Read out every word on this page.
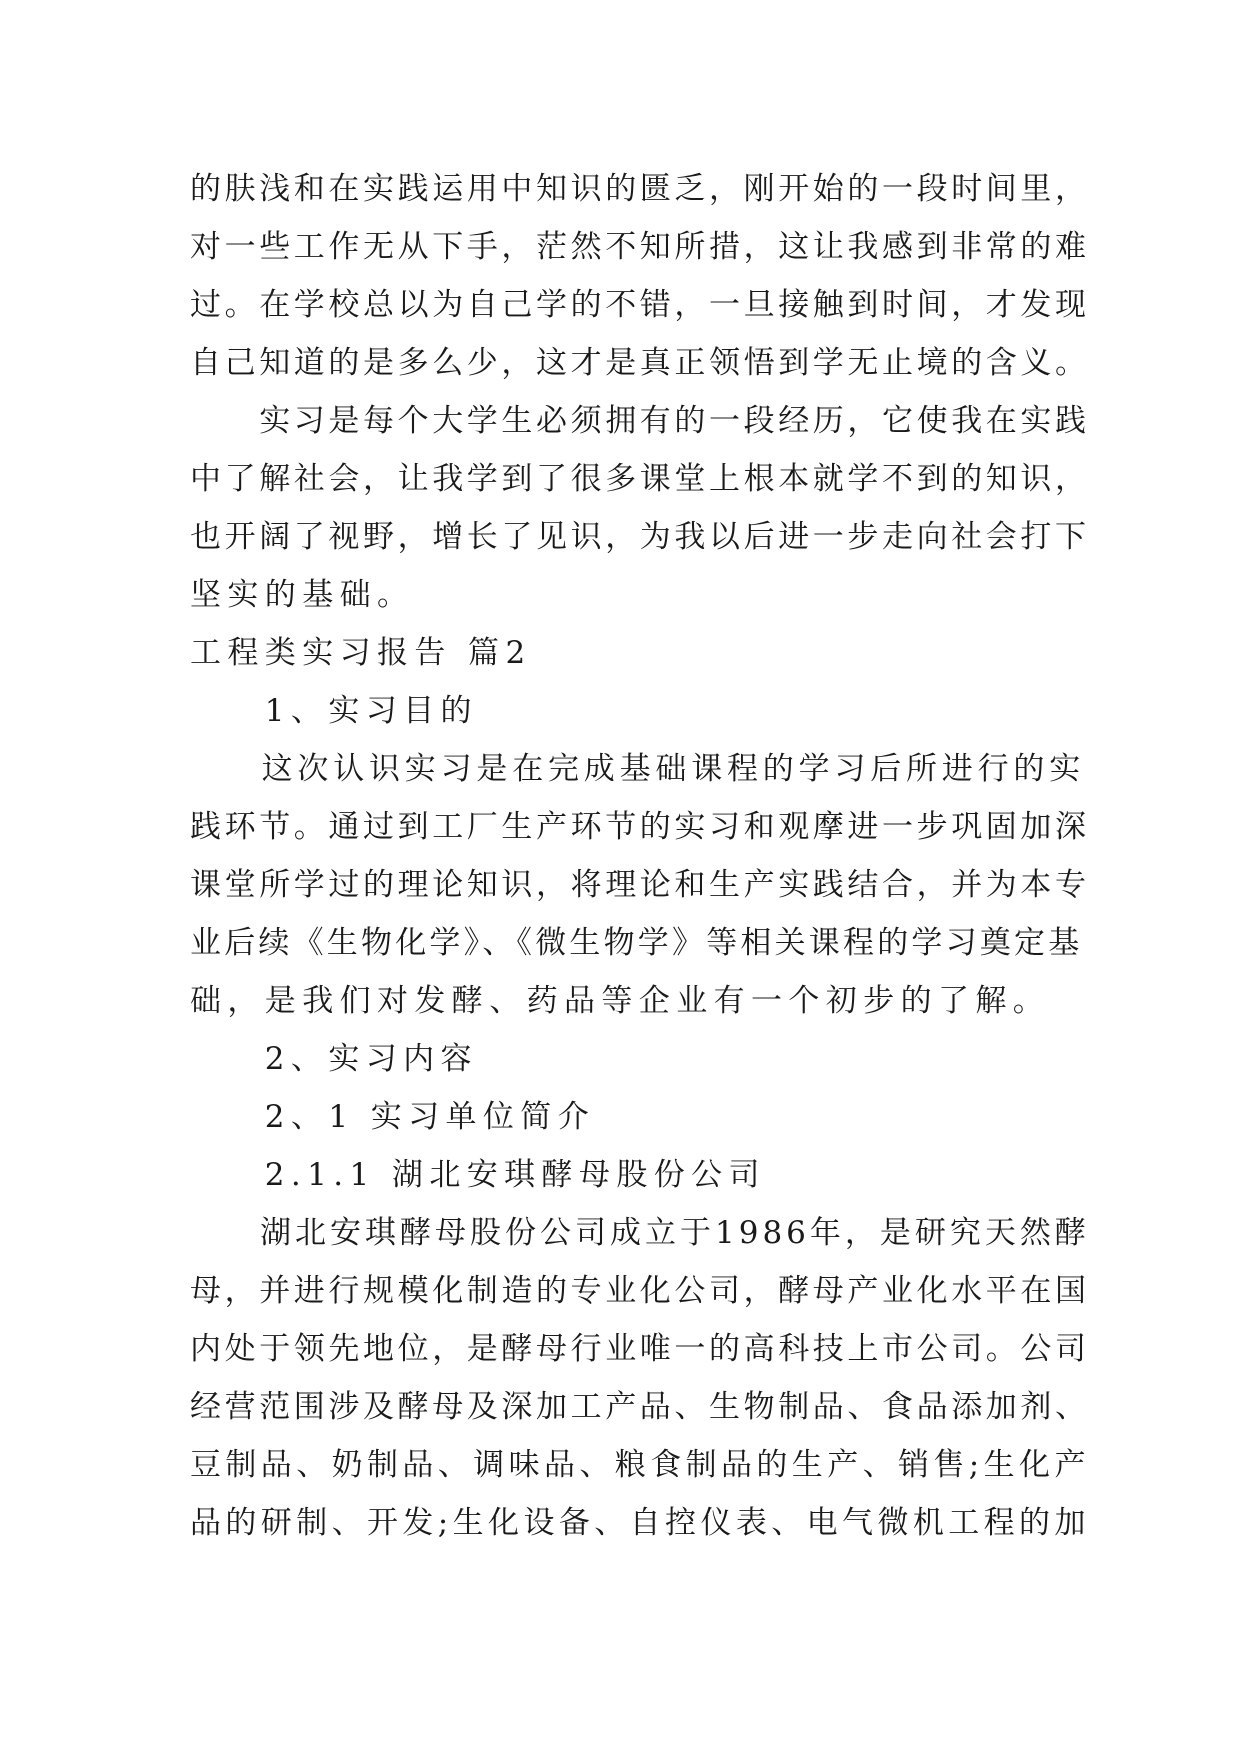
的肤浅和在实践运用中知识的匮乏，刚开始的一段时间里，
对一些工作无从下手，茫然不知所措，这让我感到非常的难
过。在学校总以为自己学的不错，一旦接触到时间，才发现
自己知道的是多么少，这才是真正领悟到学无止境的含义。
　　实习是每个大学生必须拥有的一段经历，它使我在实践
中了解社会，让我学到了很多课堂上根本就学不到的知识，
也开阔了视野，增长了见识，为我以后进一步走向社会打下
坚实的基础。
工程类实习报告 篇2
　　1、实习目的
　　这次认识实习是在完成基础课程的学习后所进行的实
践环节。通过到工厂生产环节的实习和观摩进一步巩固加深
课堂所学过的理论知识，将理论和生产实践结合，并为本专
业后续《生物化学》、《微生物学》等相关课程的学习奠定基
础，是我们对发酵、药品等企业有一个初步的了解。
　　2、实习内容
　　2、1 实习单位简介
　　2.1.1 湖北安琪酵母股份公司
　　湖北安琪酵母股份公司成立于1986年，是研究天然酵
母，并进行规模化制造的专业化公司，酵母产业化水平在国
内处于领先地位，是酵母行业唯一的高科技上市公司。公司
经营范围涉及酵母及深加工产品、生物制品、食品添加剂、
豆制品、奶制品、调味品、粮食制品的生产、销售;生化产
品的研制、开发;生化设备、自控仪表、电气微机工程的加
